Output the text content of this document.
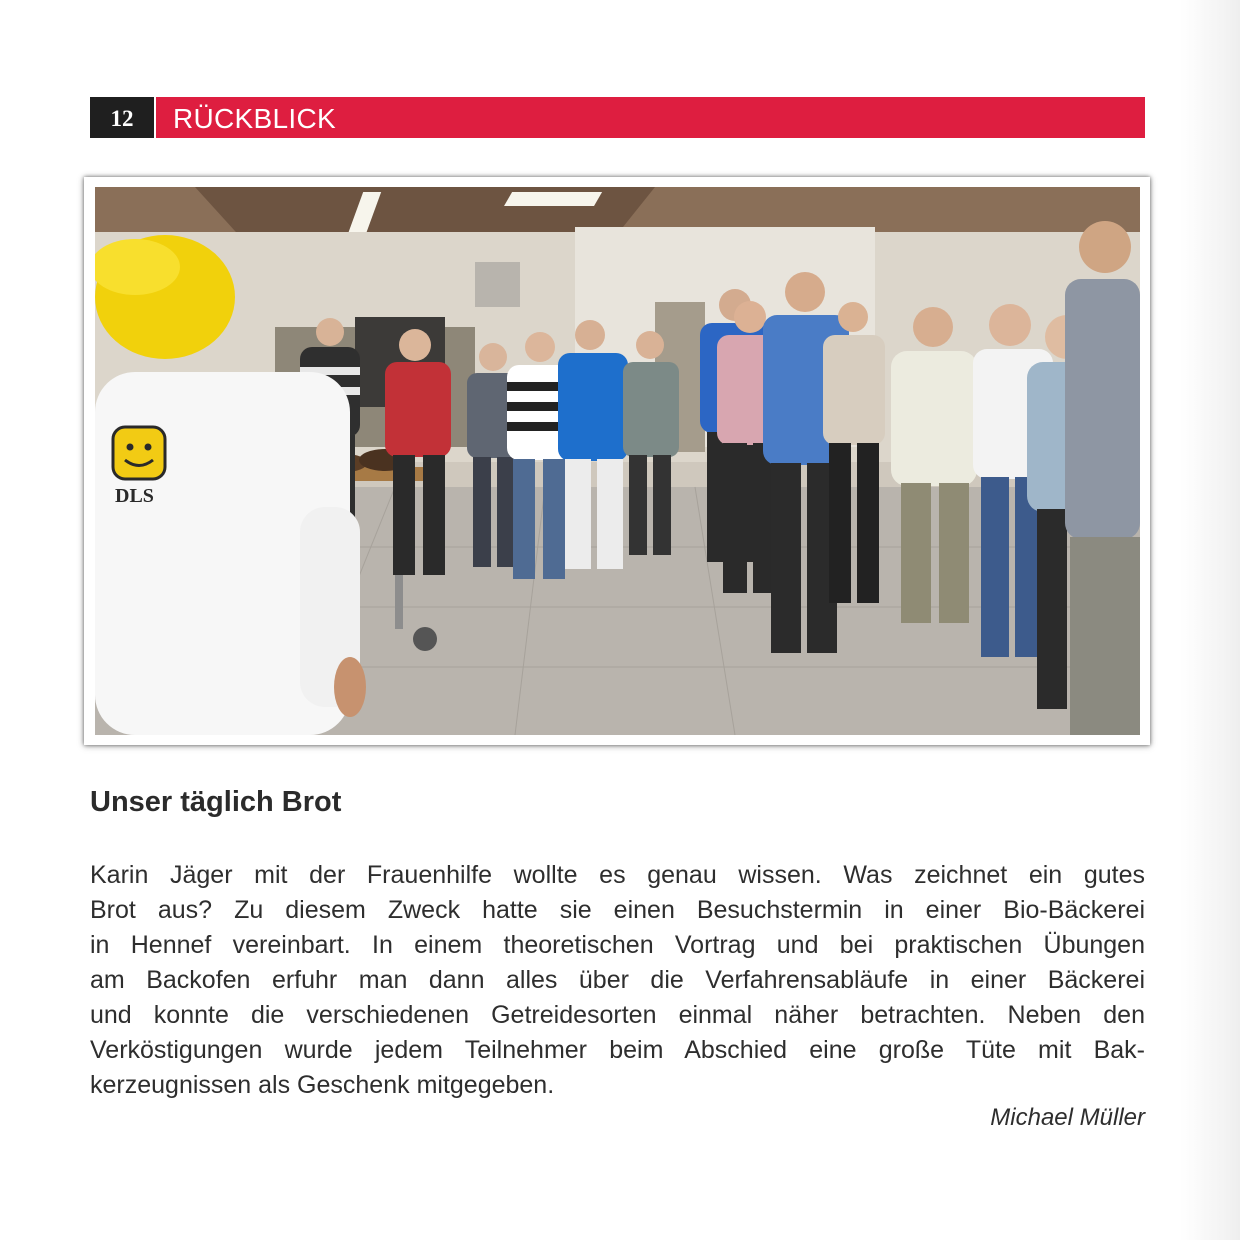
12	RÜCKBLICK
DLS
Unser täglich Brot

Karin Jäger mit der Frauenhilfe wollte es genau wissen. Was zeichnet ein gutes
Brot aus? Zu diesem Zweck hatte sie einen Besuchstermin in einer Bio-Bäckerei
in Hennef vereinbart. In einem theoretischen Vortrag und bei praktischen Übungen
am Backofen erfuhr man dann alles über die Verfahrensabläufe in einer Bäckerei
und konnte die verschiedenen Getreidesorten einmal näher betrachten. Neben den
Verköstigungen wurde jedem Teilnehmer beim Abschied eine große Tüte mit Bak-
kerzeugnissen als Geschenk mitgegeben.

Michael Müller
